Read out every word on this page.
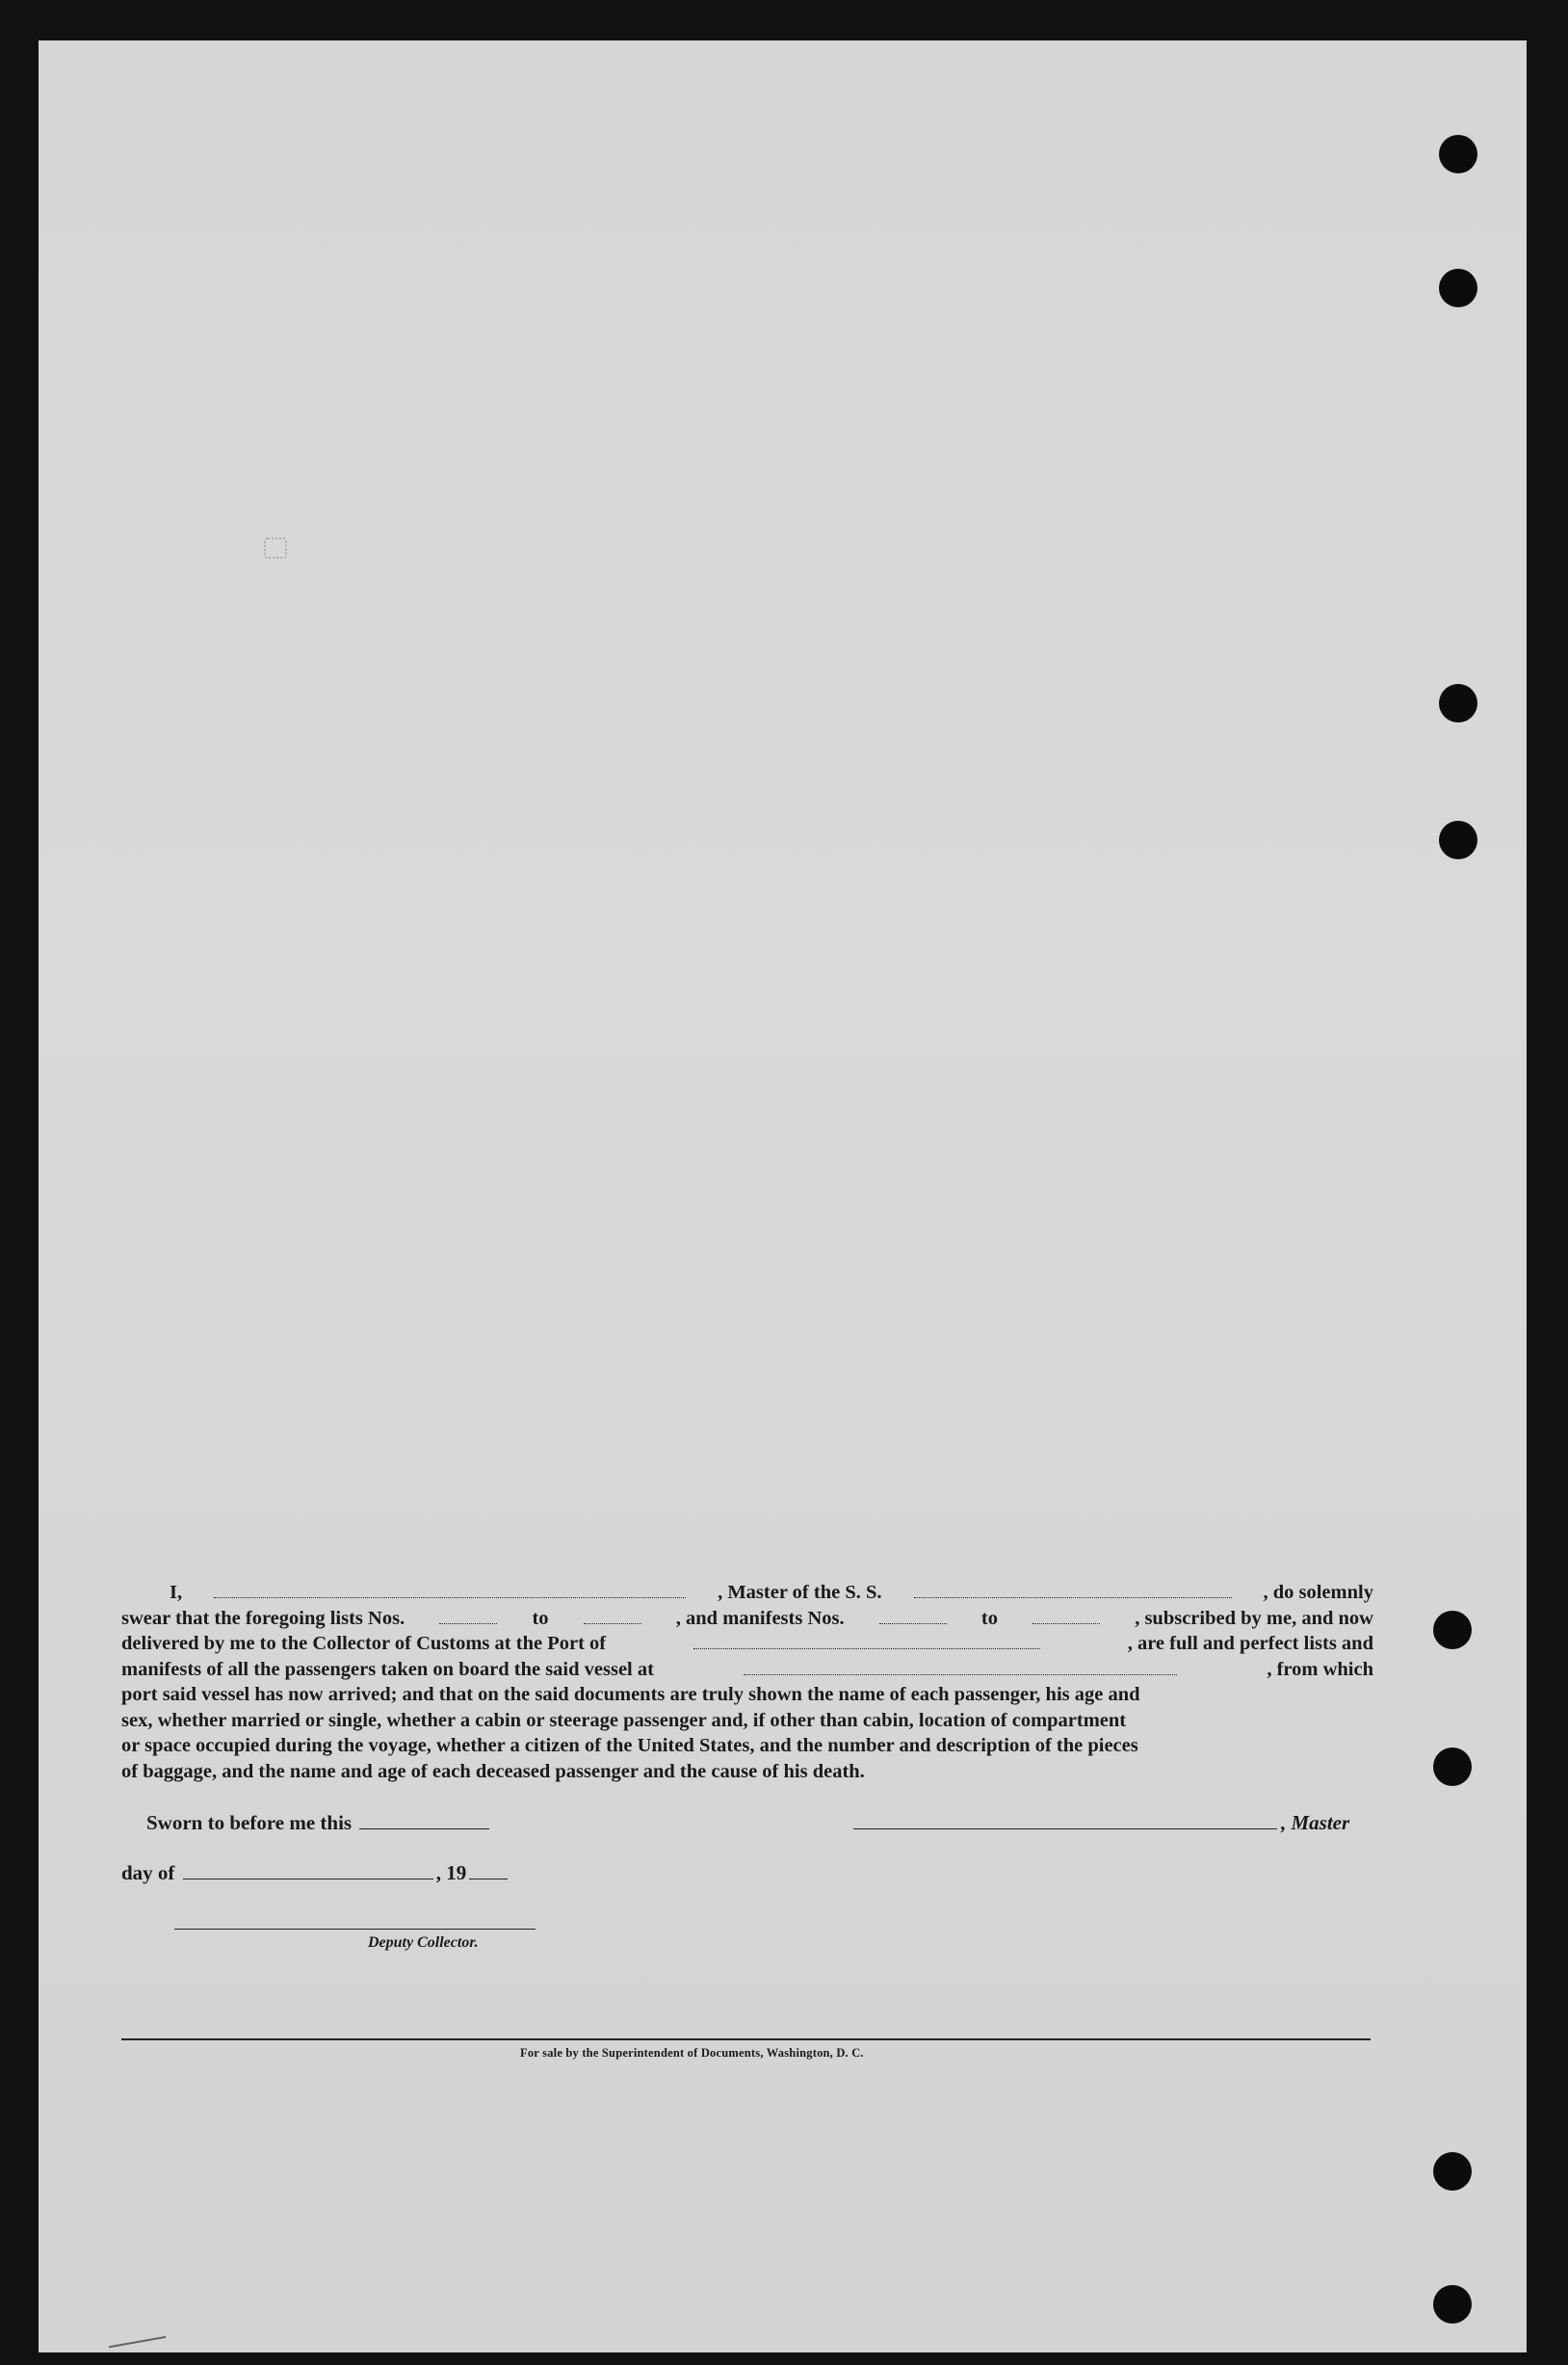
I,	, Master of the S. S.	, do solemnly
swear that the foregoing lists Nos.	to	, and manifests Nos.	to	, subscribed by me, and now
delivered by me to the Collector of Customs at the Port of	, are full and perfect lists and
manifests of all the passengers taken on board the said vessel at	, from which
port said vessel has now arrived; and that on the said documents are truly shown the name of each passenger, his age and
sex, whether married or single, whether a cabin or steerage passenger and, if other than cabin, location of compartment
or space occupied during the voyage, whether a citizen of the United States, and the number and description of the pieces
of baggage, and the name and age of each deceased passenger and the cause of his death.
Sworn to before me this	, Master
day of	, 19
Deputy Collector.
For sale by the Superintendent of Documents, Washington, D. C.
